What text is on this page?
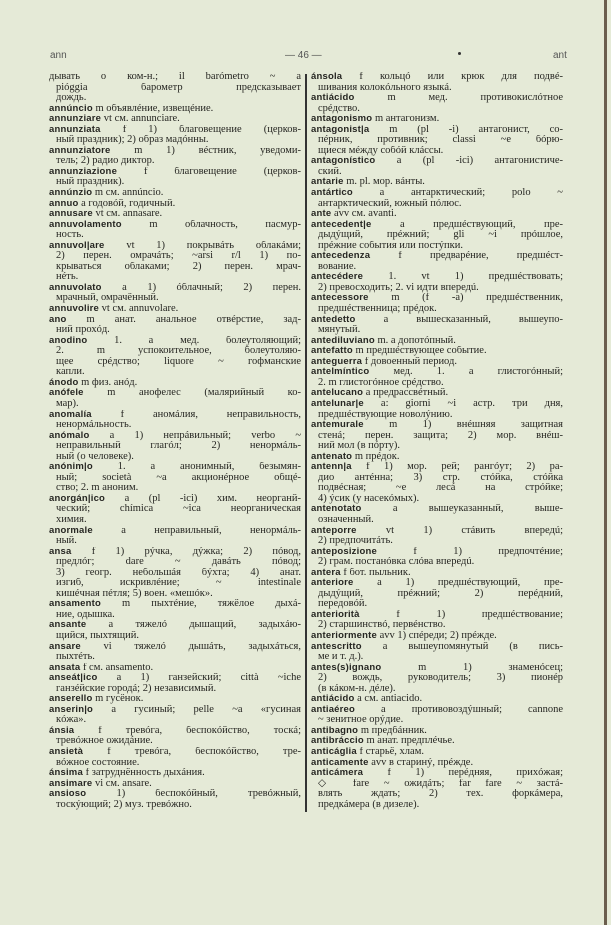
ann	— 46 —	ant
дывать о ком-н.; il barómetro ~ a
pióggia барометр предсказывает
дождь.
annúncio m объявлéние, извещéние.
annunziare vt см. annunciare.
annunziata f 1) благовещение (церков-
ный праздник); 2) образ мадóнны.
annunziatore m 1) вéстник, уведоми-
тель; 2) радио диктор.
annunziazione	f благовещение (церков-
ный праздник).
annúnzio m см. annúncio.
annuo a годовóй, годичный.
annusare vt см. annasare.
annuvolamento	m облачность, пасмур-
ность.
annuvol|are vt 1) покрывáть облакáми;
2) перен. омрачáть; ~arsi r/l 1) по-
крываться облаками; 2) перен. мрач-
нéть.
annuvolato a 1) óблачный; 2) перен.
мрачный, омрачённый.
annuvolire vt см. annuvolare.
ano m анат. анальное отвéрстие, зад-
ний прохóд.
anodino	1. a мед. болеутоляющий;
2. m успокоительное, болеутоляю-
щее срéдство; liquore ~ гофманские
капли.
ánodo m физ. анóд.
anófele m анофелес (малярийный ко-
мар).
anomalía	f аномáлия, неправильность,
ненормáльность.
anómalo a 1) непрáвильный; verbo ~
неправильный глагóл; 2) ненормáль-
ный (о человеке).
anónim|o 1. a анонимный, безымян-
ный; società ~a акционéрное общé-
ство; 2. m аноним.
anorgán|ico a (pl -ici) хим. неорганй-
ческий; chímica ~ica неорганическая
химия.
anormale	a неправильный, ненормáль-
ный.
ansa f 1) рýчка, дýжка; 2) пóвод,
предлóг; dare ~ давáть пóвод;
3) геогр. небольшáя бýхта; 4) анат.
изгиб, искривлéние; ~ intestinale
кишéчная пéтля; 5) воен. «мешóк».
ansamento m пыхтéние, тяжёлое дыхá-
ние, одышка.
ansante a тяжелó дышащий, задыхáю-
щийся, пыхтящий.
ansare vi тяжелó дышáть, задыхáться,
пыхтéть.
ansata f см. ansamento.
anseát|ico a 1) ганзейский; città ~iche
ганзéйские городá; 2) независимый.
anserello m гусёнок.
anserin|o a гусиный; pelle ~a «гусиная
кóжа».
ánsia f тревóга, беспокóйство, тоскá;
тревóжное ожидáние.
ansietà f тревóга, беспокóйство, тре-
вóжное состояние.
ánsima f затруднённость дыхáния.
ansimare vi см. ansare.
ansioso	1) беспокóйный, тревóжный,
тоскýющий; 2) муз. тревóжно.
ánsola f кольцó или крюк для подвé-
шивания колокóльного языкá.
antiácido	m мед. противокислóтное
срéдство.
antagonismo m антагонизм.
antagonist|a m (pl -i) антагонист, со-
пéрник, противник; classi ~e бóрю-
щиеся мéжду собóй клáссы.
antagonístico a (pl -ici) антагонистиче-
ский.
antarie m. pl. мор. вáнты.
antártico	a антарктический; polo ~
антарктический, южный пóлюс.
ante avv см. avanti.
antecedent|e	a предшéствующий, пре-
дыдýщий, прéжний; gli ~i прóшлое,
прéжние собы́тия или постýпки.
antecedenza	f предварéние, предшéст-
вование.
antecédere 1. vt 1) предшéствовать;
2) превосходить; 2. vi идти впередú.
antecessore m (f -a) предшéственник,
предшéственница; прéдок.
antedetto	a вышесказанный, вышеупо-
мянутый.
antediluviano m. a допотóпный.
antefatto m предшéствующее собы́тие.
anteguerra f довоенный период.
antelmíntico мед. 1. a глистогóнный;
2. m глистогóнное срéдство.
antelucano a предрассвéтный.
antelunar|e a: giorni ~i астр. три дня,
предшéствующие новолýнию.
antemurale m 1) внéшняя защитная
стенá; перен. защита; 2) мор. внéш-
ний мол (в пóрту).
antenato m прéдок.
antenn|a f 1) мор. рей; рангóут; 2) ра-
дио антéнна; 3) стр. стóйка, стóйка
подвéсная; ~e лесá на стрóйке;
4) ýсик (у насекóмых).
antenotato	a вышеуказанный, выше-
означенный.
anteporre	vt 1) стáвить впередú;
2) предпочитáть.
anteposizione	f 1) предпочтéние;
2) грам. постанóвка слóва впередú.
antera f бот. пы́льник.
anteriore a 1) предшéствующий, пре-
дыдýщий, прéжний; 2) перéдний,
передовóй.
anteriorità	f 1) предшéствование;
2) старшинствó, первéнство.
anteriormente avv 1) спéреди; 2) прéжде.
antescritto a вышеупомянутый (в пись-
ме и т. д.).
antes(s)ignano	m 1) знаменóсец;
2) вождь, руководитель; 3) пионéр
(в кáком-н. дéле).
antiácido a см. antiacido.
antiaéreo a противовоздýшный; cannone
~ зенитное орýдие.
antibagno m предбáнник.
antibráccio m анат. предплéчье.
anticáglia f старьё, хлам.
anticamente avv в старинý, прéжде.
anticámera f 1) перéдняя, прихóжая;
◇ fare ~ ожидáть; far fare ~ застá-
влять ждать; 2) тех. форкáмера,
предкáмера (в дизеле).
